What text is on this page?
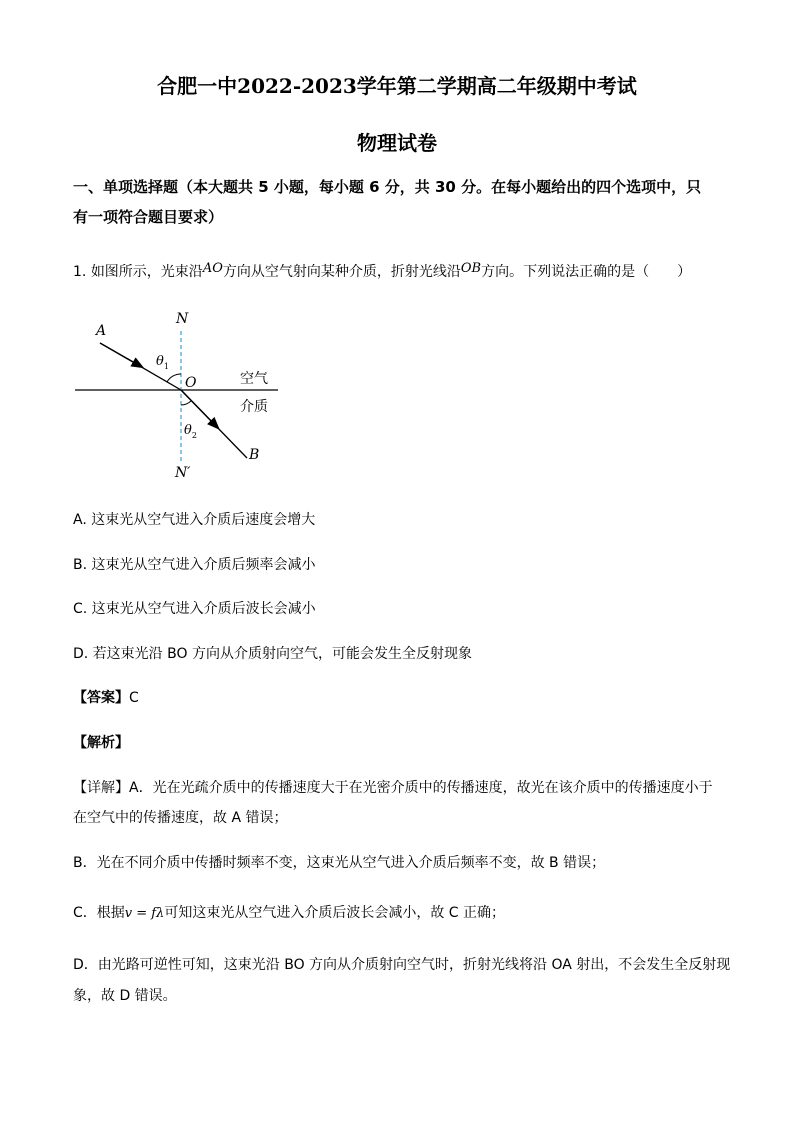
合肥一中2022-2023学年第二学期高二年级期中考试
物理试卷
一、单项选择题（本大题共 5 小题，每小题 6 分，共 30 分。在每小题给出的四个选项中，只
有一项符合题目要求）
1. 如图所示，光束沿AO方向从空气射向某种介质，折射光线沿OB方向。下列说法正确的是（　　）
A
N
$\theta_1$
O	空气
介质
$\theta_2$
B
N′
A. 这束光从空气进入介质后速度会增大
B. 这束光从空气进入介质后频率会减小
C. 这束光从空气进入介质后波长会减小
D. 若这束光沿 BO 方向从介质射向空气，可能会发生全反射现象
【答案】C
【解析】
【详解】A．光在光疏介质中的传播速度大于在光密介质中的传播速度，故光在该介质中的传播速度小于
在空气中的传播速度，故 A 错误；
B．光在不同介质中传播时频率不变，这束光从空气进入介质后频率不变，故 B 错误；
C．根据v = fλ可知这束光从空气进入介质后波长会减小，故 C 正确；
D．由光路可逆性可知，这束光沿 BO 方向从介质射向空气时，折射光线将沿 OA 射出，不会发生全反射现
象，故 D 错误。
